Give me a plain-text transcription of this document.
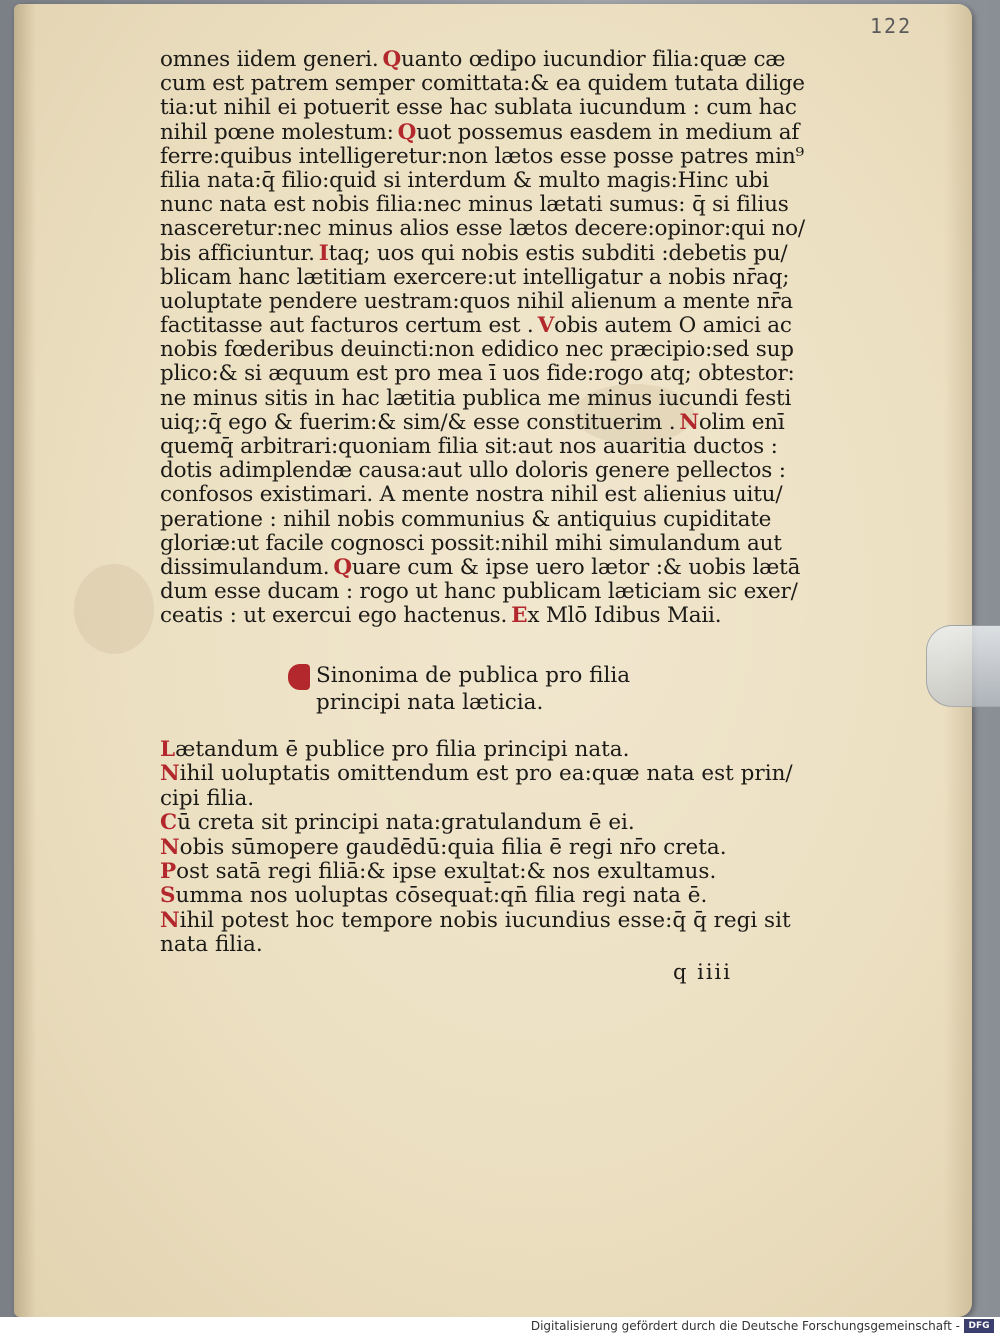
122
omnes iidem generi. Quanto œdipo iucundior filia:quæ cæ
cum est patrem semper comittata:& ea quidem tutata dilige
tia:ut nihil ei potuerit esse hac sublata iucundum : cum hac
nihil pœne molestum: Quot possemus easdem in medium af
ferre:quibus intelligeretur:non lætos esse posse patres min⁹
filia nata:q̄ filio:quid si interdum & multo magis:Hinc ubi
nunc nata est nobis filia:nec minus lætati sumus: q̄ si filius
nasceretur:nec minus alios esse lætos decere:opinor:qui no/
bis afficiuntur. Itaq; uos qui nobis estis subditi :debetis pu/
blicam hanc lætitiam exercere:ut intelligatur a nobis nr̄aq;
uoluptate pendere uestram:quos nihil alienum a mente nr̄a
factitasse aut facturos certum est . Vobis autem O amici ac
nobis fœderibus deuincti:non edidico nec præcipio:sed sup
plico:& si æquum est pro mea ī uos fide:rogo atq; obtestor:
ne minus sitis in hac lætitia publica me minus iucundi festi
uiq;:q̄ ego & fuerim:& sim/& esse constituerim . Nolim enī
quemq̄ arbitrari:quoniam filia sit:aut nos auaritia ductos :
dotis adimplendæ causa:aut ullo doloris genere pellectos :
confosos existimari. A mente nostra nihil est alienius uitu/
peratione : nihil nobis communius & antiquius cupiditate
gloriæ:ut facile cognosci possit:nihil mihi simulandum aut
dissimulandum. Quare cum & ipse uero lætor :& uobis lætā
dum esse ducam : rogo ut hanc publicam læticiam sic exer/
ceatis : ut exercui ego hactenus. Ex Mlō Idibus Maii.
Sinonima de publica pro filia
principi nata læticia.
Lætandum ē publice pro filia principi nata.
Nihil uoluptatis omittendum est pro ea:quæ nata est prin/
cipi filia.
Cū creta sit principi nata:gratulandum ē ei.
Nobis sūmopere gaudēdū:quia filia ē regi nr̄o creta.
Post satā regi filiā:& ipse exultat:& nos exultamus.
Summa nos uoluptas cōsequat̄:qn̄ filia regi nata ē.
Nihil potest hoc tempore nobis iucundius esse:q̄ q̄ regi sit
nata filia.
q iiii
Digitalisierung gefördert durch die Deutsche Forschungsgemeinschaft - DFG
